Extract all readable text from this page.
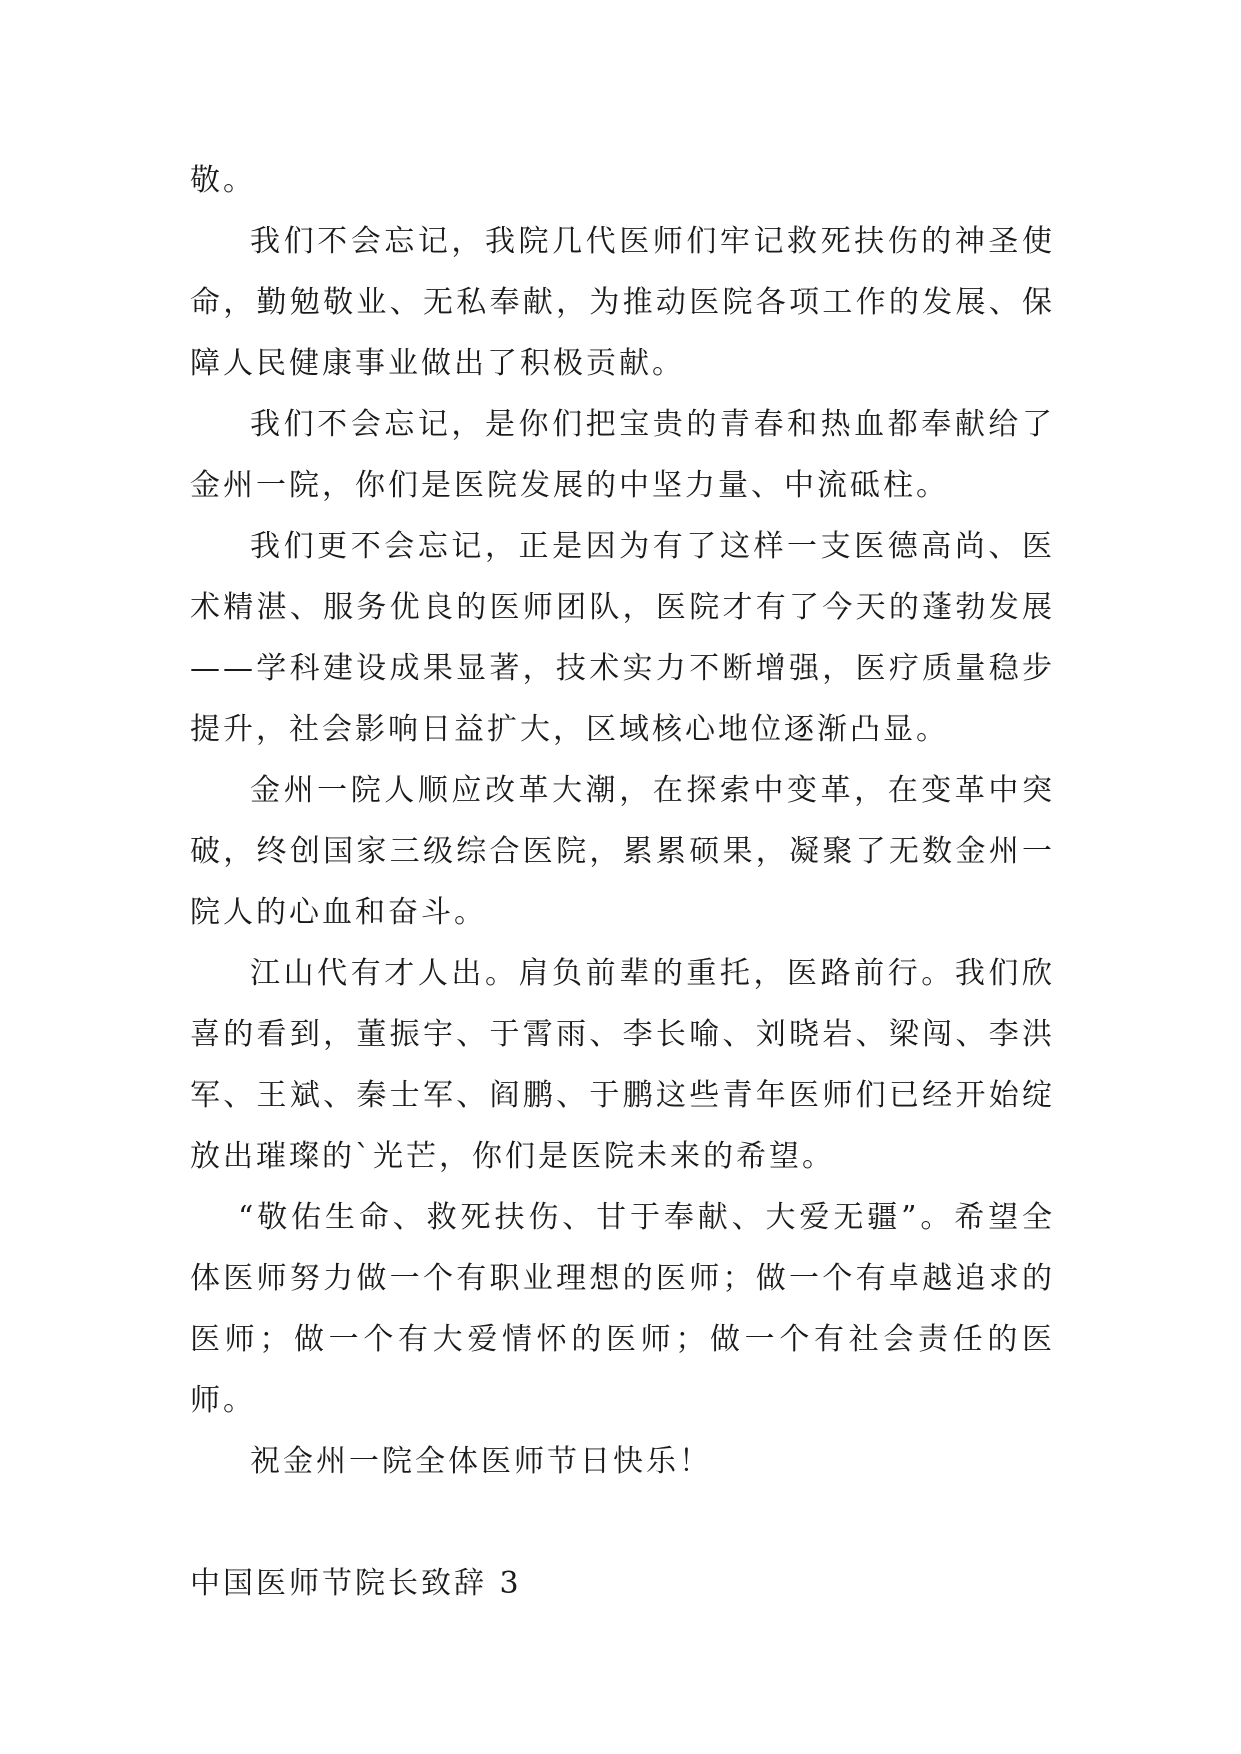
敬。

我们不会忘记，我院几代医师们牢记救死扶伤的神圣使命，勤勉敬业、无私奉献，为推动医院各项工作的发展、保障人民健康事业做出了积极贡献。

我们不会忘记，是你们把宝贵的青春和热血都奉献给了金州一院，你们是医院发展的中坚力量、中流砥柱。

我们更不会忘记，正是因为有了这样一支医德高尚、医术精湛、服务优良的医师团队，医院才有了今天的蓬勃发展——学科建设成果显著，技术实力不断增强，医疗质量稳步提升，社会影响日益扩大，区域核心地位逐渐凸显。

金州一院人顺应改革大潮，在探索中变革，在变革中突破，终创国家三级综合医院，累累硕果，凝聚了无数金州一院人的心血和奋斗。

江山代有才人出。肩负前辈的重托，医路前行。我们欣喜的看到，董振宇、于霄雨、李长喻、刘晓岩、梁闯、李洪军、王斌、秦士军、阎鹏、于鹏这些青年医师们已经开始绽放出璀璨的`光芒，你们是医院未来的希望。

“敬佑生命、救死扶伤、甘于奉献、大爱无疆”。希望全体医师努力做一个有职业理想的医师；做一个有卓越追求的医师；做一个有大爱情怀的医师；做一个有社会责任的医师。

祝金州一院全体医师节日快乐！

中国医师节院长致辞 3
